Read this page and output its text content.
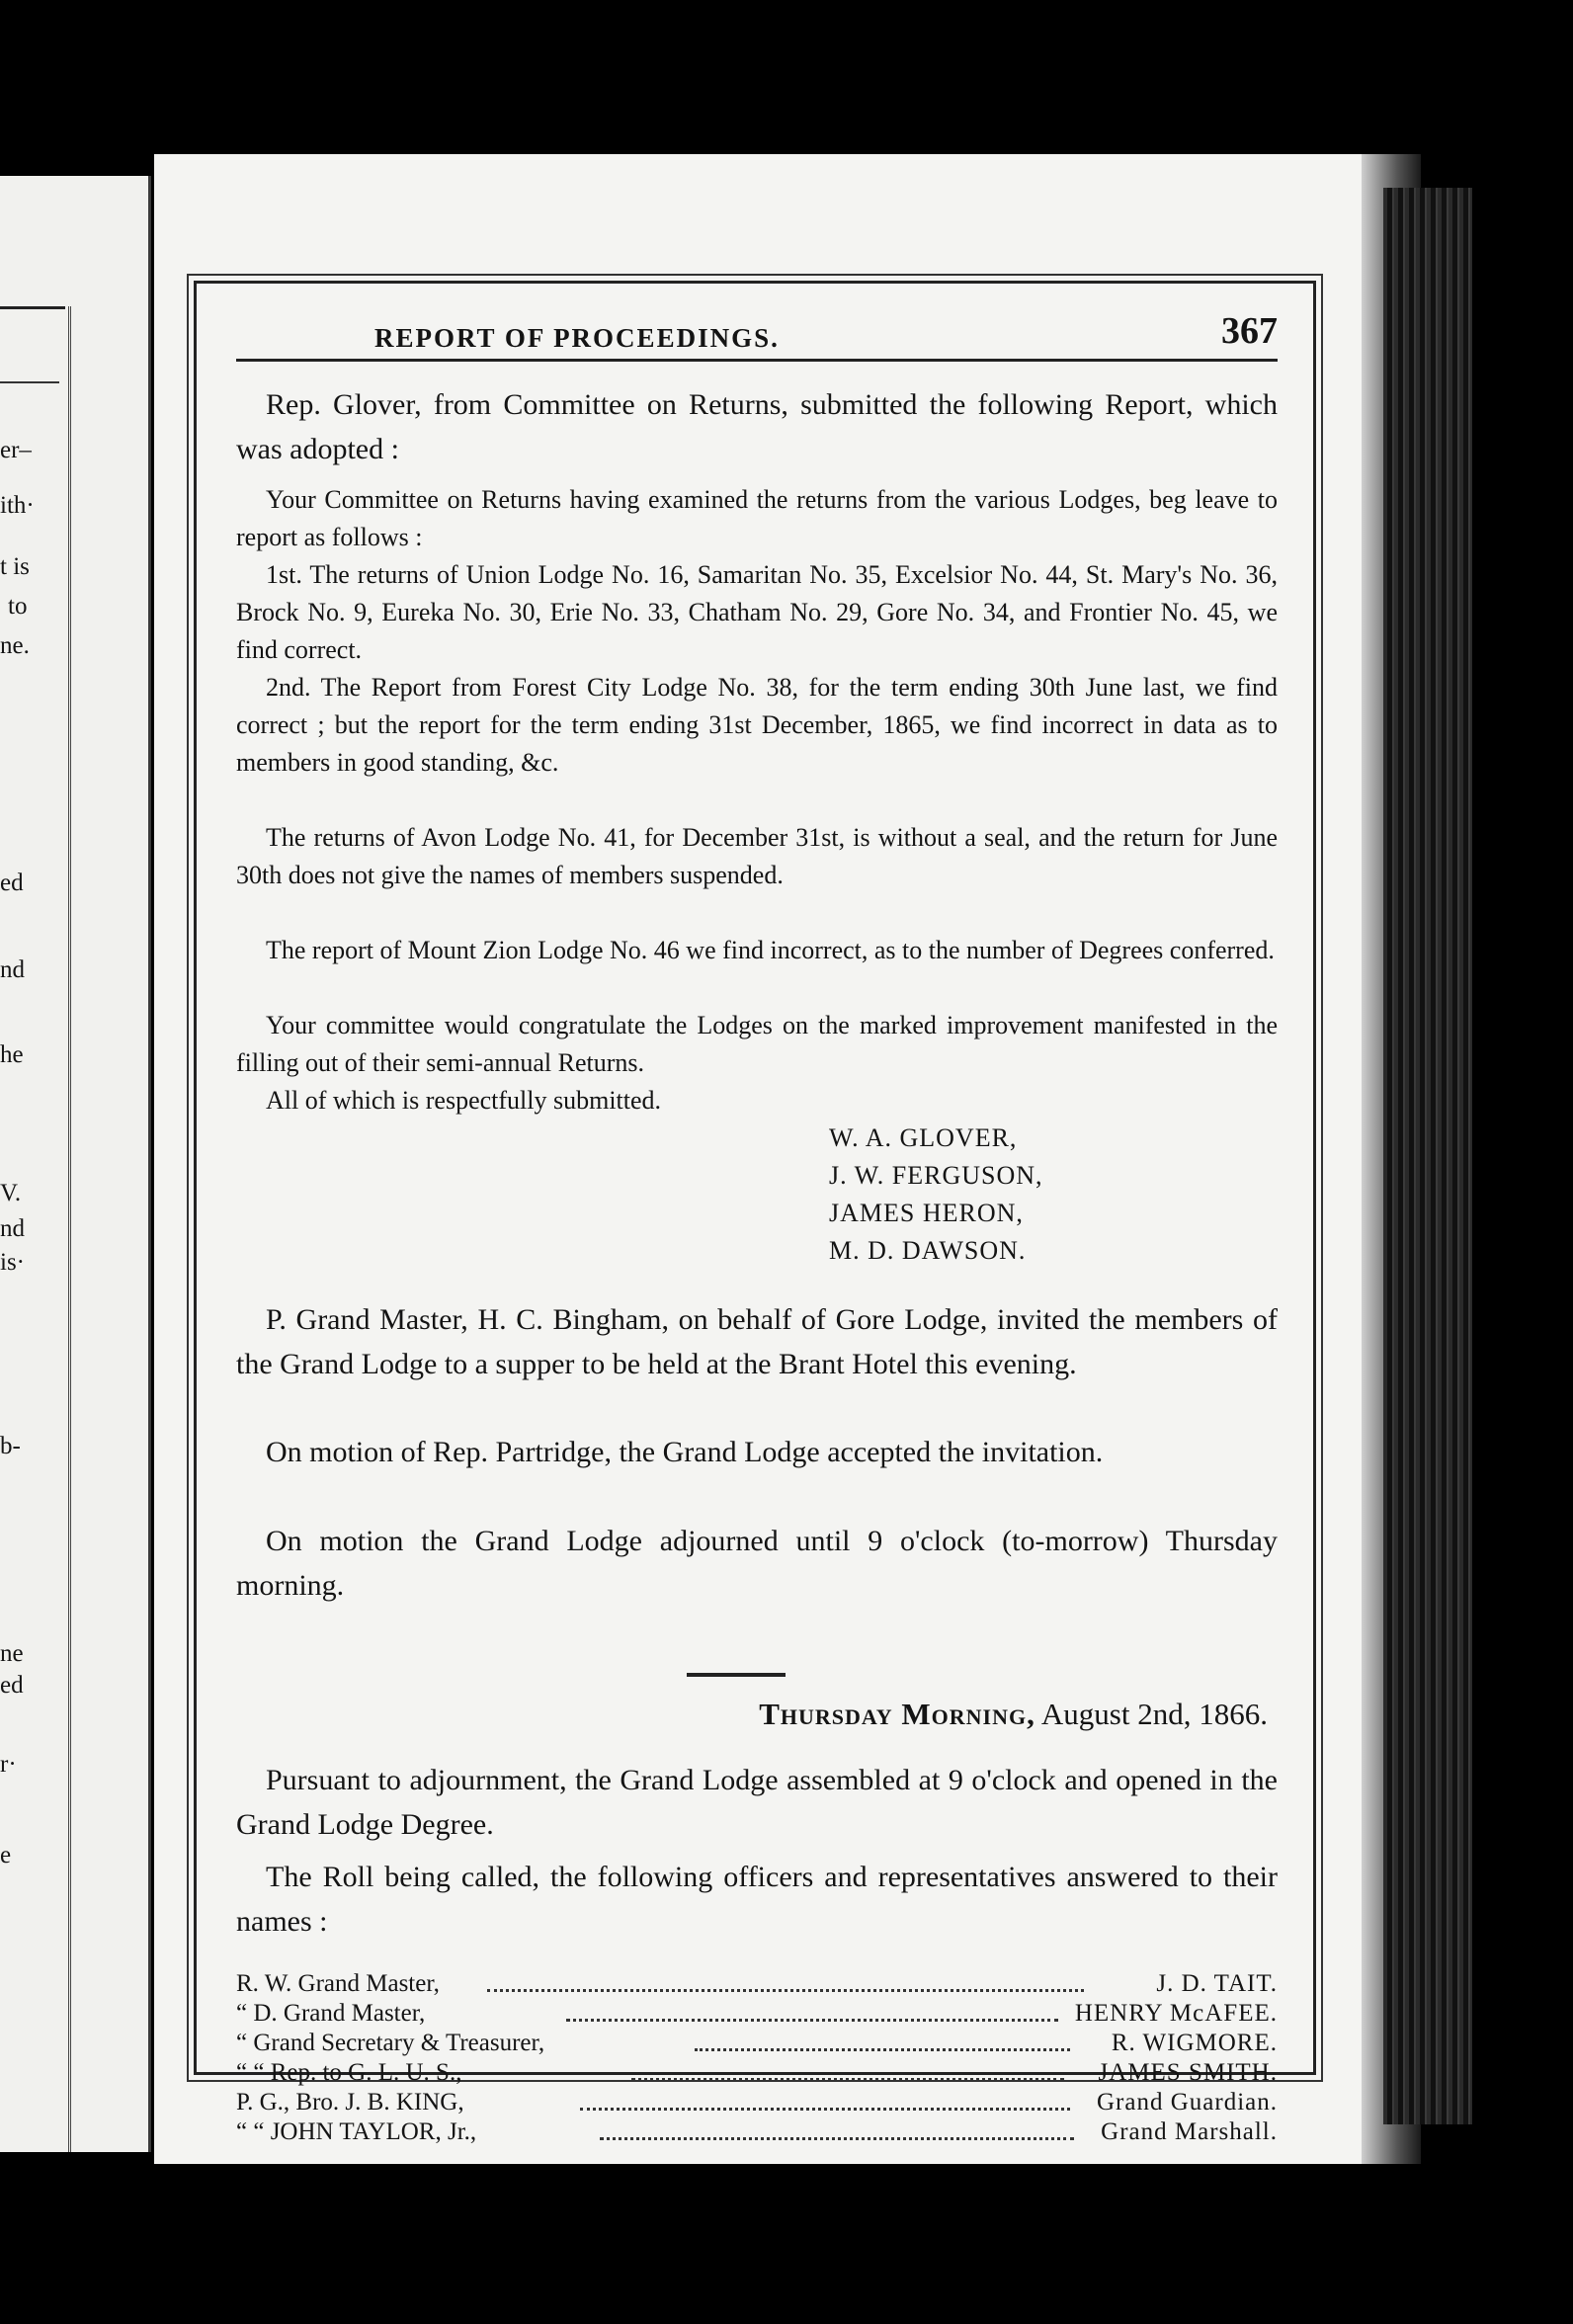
er–
ith·
t is
to
ne.
ed
nd
he
V.
nd
is·
b-
ne
ed
r·
e
REPORT OF PROCEEDINGS.	367
Rep. Glover, from Committee on Returns, submitted the following Report, which was adopted :
Your Committee on Returns having examined the returns from the various Lodges, beg leave to report as follows :
1st. The returns of Union Lodge No. 16, Samaritan No. 35, Excelsior No. 44, St. Mary's No. 36, Brock No. 9, Eureka No. 30, Erie No. 33, Chatham No. 29, Gore No. 34, and Frontier No. 45, we find correct.
2nd. The Report from Forest City Lodge No. 38, for the term ending 30th June last, we find correct ; but the report for the term ending 31st December, 1865, we find incorrect in data as to members in good standing, &c.
The returns of Avon Lodge No. 41, for December 31st, is without a seal, and the return for June 30th does not give the names of members suspended.
The report of Mount Zion Lodge No. 46 we find incorrect, as to the number of Degrees conferred.
Your committee would congratulate the Lodges on the marked improvement manifested in the filling out of their semi-annual Returns.
All of which is respectfully submitted.
W. A. GLOVER,
J. W. FERGUSON,
JAMES HERON,
M. D. DAWSON.
P. Grand Master, H. C. Bingham, on behalf of Gore Lodge, invited the members of the Grand Lodge to a supper to be held at the Brant Hotel this evening.
On motion of Rep. Partridge, the Grand Lodge accepted the invitation.
On motion the Grand Lodge adjourned until 9 o'clock (to-morrow) Thursday morning.
Thursday Morning, August 2nd, 1866.
Pursuant to adjournment, the Grand Lodge assembled at 9 o'clock and opened in the Grand Lodge Degree.
The Roll being called, the following officers and representatives answered to their names :
R. W. Grand Master,	J. D. TAIT.
“ D. Grand Master,	HENRY McAFEE.
“ Grand Secretary & Treasurer,	R. WIGMORE.
“ “ Rep. to G. L. U. S.,	JAMES SMITH.
P. G., Bro. J. B. KING,	Grand Guardian.
“ “ JOHN TAYLOR, Jr.,	Grand Marshall.
